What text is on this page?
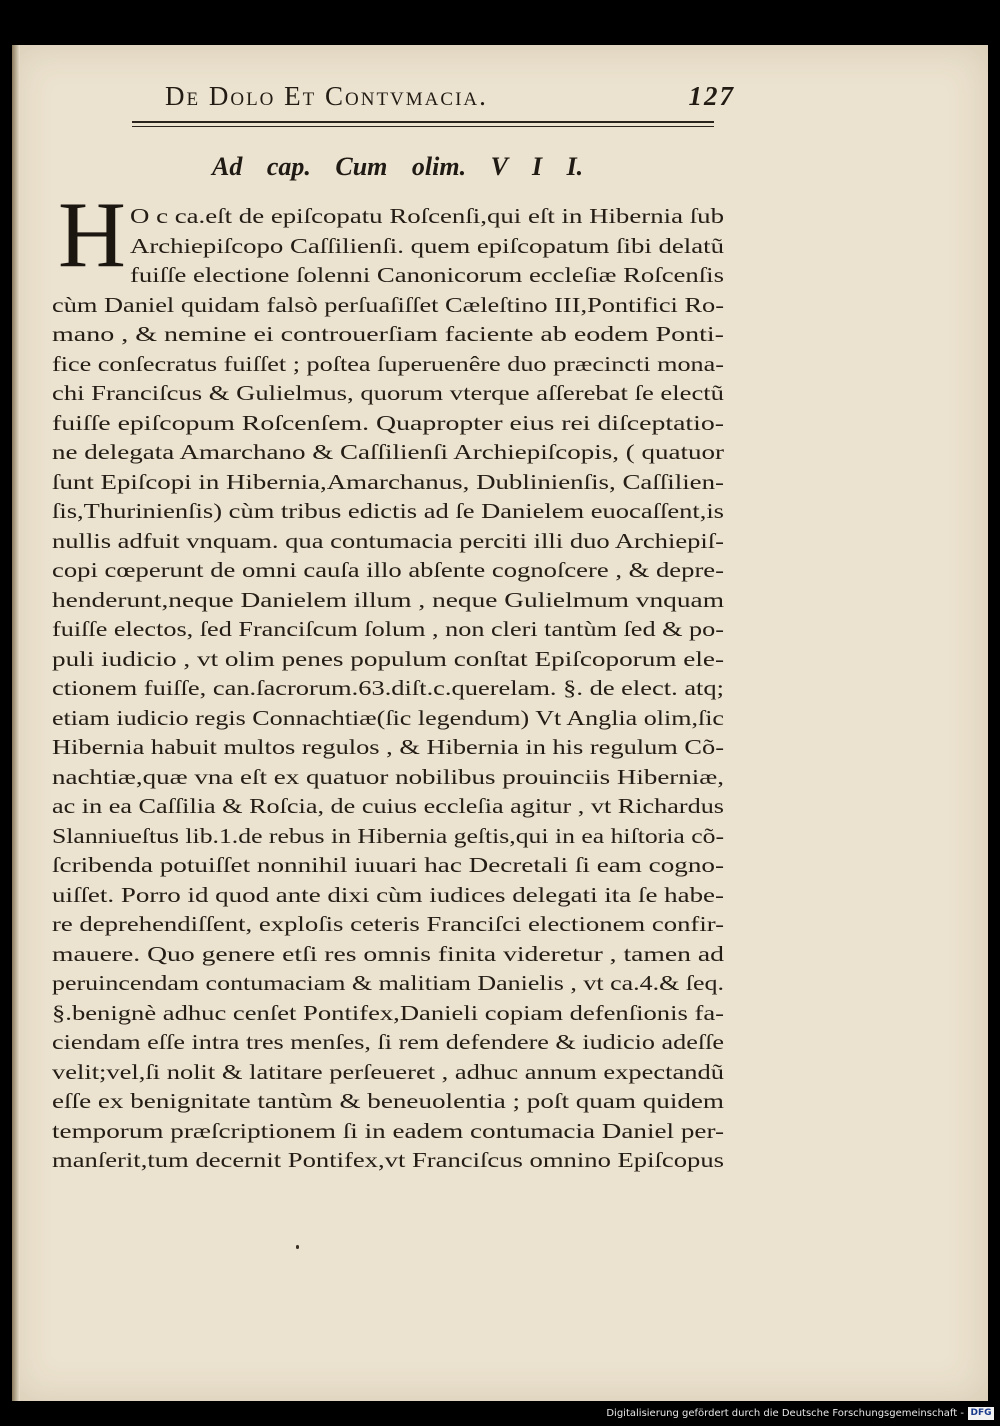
De Dolo Et Contvmacia.	127
Ad cap. Cum olim. V I I.
H O c ca.eſt de epiſcopatu Roſcenſi,qui eſt in Hibernia ſub
Archiepiſcopo Caſſilienſi. quem epiſcopatum ſibi delatũ
fuiſſe electione ſolenni Canonicorum eccleſiæ Roſcenſis
cùm Daniel quidam falsò perſuaſiſſet Cæleſtino III,Pontifici Ro-
mano , & nemine ei controuerſiam faciente ab eodem Ponti-
fice conſecratus fuiſſet ; poſtea ſuperuenêre duo præcincti mona-
chi Franciſcus & Gulielmus, quorum vterque aſſerebat ſe electũ
fuiſſe epiſcopum Roſcenſem. Quapropter eius rei diſceptatio-
ne delegata Amarchano & Caſſilienſi Archiepiſcopis, ( quatuor
ſunt Epiſcopi in Hibernia,Amarchanus, Dublinienſis, Caſſilien-
ſis,Thurinienſis) cùm tribus edictis ad ſe Danielem euocaſſent,is
nullis adfuit vnquam. qua contumacia perciti illi duo Archiepiſ-
copi cœperunt de omni cauſa illo abſente cognoſcere , & depre-
henderunt,neque Danielem illum , neque Gulielmum vnquam
fuiſſe electos, ſed Franciſcum ſolum , non cleri tantùm ſed & po-
puli iudicio , vt olim penes populum conſtat Epiſcoporum ele-
ctionem fuiſſe, can.ſacrorum.63.diſt.c.querelam. §. de elect. atq;
etiam iudicio regis Connachtiæ(ſic legendum) Vt Anglia olim,ſic
Hibernia habuit multos regulos , & Hibernia in his regulum Cõ-
nachtiæ,quæ vna eſt ex quatuor nobilibus prouinciis Hiberniæ,
ac in ea Caſſilia & Roſcia, de cuius eccleſia agitur , vt Richardus
Slanniueſtus lib.1.de rebus in Hibernia geſtis,qui in ea hiſtoria cõ-
ſcribenda potuiſſet nonnihil iuuari hac Decretali ſi eam cogno-
uiſſet. Porro id quod ante dixi cùm iudices delegati ita ſe habe-
re deprehendiſſent, exploſis ceteris Franciſci electionem confir-
mauere. Quo genere etſi res omnis finita videretur , tamen ad
peruincendam contumaciam & malitiam Danielis , vt ca.4.& ſeq.
§.benignè adhuc cenſet Pontifex,Danieli copiam defenſionis fa-
ciendam eſſe intra tres menſes, ſi rem defendere & iudicio adeſſe
velit;vel,ſi nolit & latitare perſeueret , adhuc annum expectandũ
eſſe ex benignitate tantùm & beneuolentia ; poſt quam quidem
temporum præſcriptionem ſi in eadem contumacia Daniel per-
manſerit,tum decernit Pontifex,vt Franciſcus omnino Epiſcopus
Digitalisierung gefördert durch die Deutsche Forschungsgemeinschaft - DFG
